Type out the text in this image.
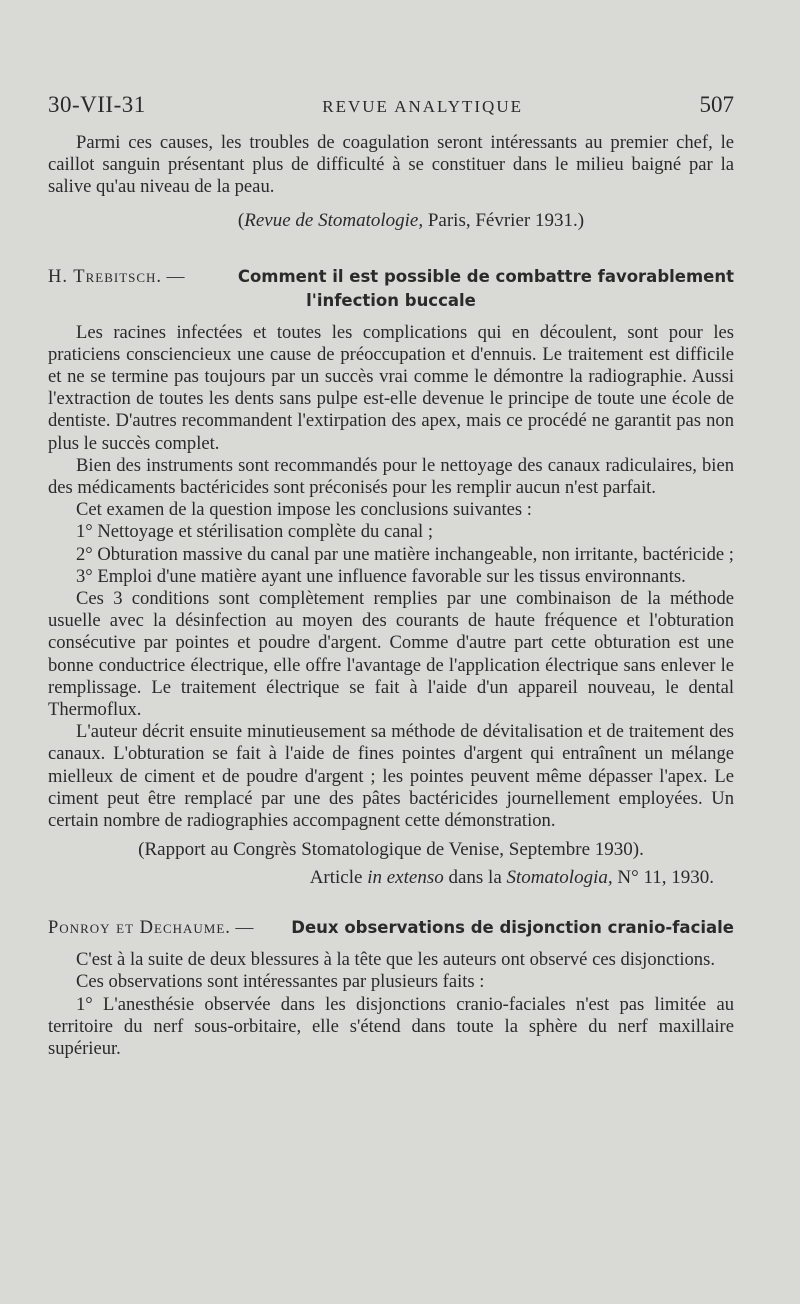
30-VII-31	REVUE ANALYTIQUE	507

Parmi ces causes, les troubles de coagulation seront intéressants au premier chef, le caillot sanguin présentant plus de difficulté à se constituer dans le milieu baigné par la salive qu'au niveau de la peau.

(Revue de Stomatologie, Paris, Février 1931.)
H. Trebitsch. —	Comment il est possible de combattre favorablement
l'infection buccale

Les racines infectées et toutes les complications qui en découlent, sont pour les praticiens consciencieux une cause de préoccupation et d'ennuis. Le traitement est difficile et ne se termine pas toujours par un succès vrai comme le démontre la radiographie. Aussi l'extraction de toutes les dents sans pulpe est-elle devenue le principe de toute une école de dentiste. D'autres recommandent l'extirpation des apex, mais ce procédé ne garantit pas non plus le succès complet.

Bien des instruments sont recommandés pour le nettoyage des canaux radiculaires, bien des médicaments bactéricides sont préconisés pour les remplir aucun n'est parfait.

Cet examen de la question impose les conclusions suivantes :

1° Nettoyage et stérilisation complète du canal ;

2° Obturation massive du canal par une matière inchangeable, non irritante, bactéricide ;

3° Emploi d'une matière ayant une influence favorable sur les tissus environnants.

Ces 3 conditions sont complètement remplies par une combinaison de la méthode usuelle avec la désinfection au moyen des courants de haute fréquence et l'obturation consécutive par pointes et poudre d'argent. Comme d'autre part cette obturation est une bonne conductrice électrique, elle offre l'avantage de l'application électrique sans enlever le remplissage. Le traitement électrique se fait à l'aide d'un appareil nouveau, le dental Thermoflux.

L'auteur décrit ensuite minutieusement sa méthode de dévitalisation et de traitement des canaux. L'obturation se fait à l'aide de fines pointes d'argent qui entraînent un mélange mielleux de ciment et de poudre d'argent ; les pointes peuvent même dépasser l'apex. Le ciment peut être remplacé par une des pâtes bactéricides journellement employées. Un certain nombre de radiographies accompagnent cette démonstration.

(Rapport au Congrès Stomatologique de Venise, Septembre 1930).
Article in extenso dans la Stomatologia, N° 11, 1930.
Ponroy et Dechaume. — Deux observations de disjonction cranio-faciale

C'est à la suite de deux blessures à la tête que les auteurs ont observé ces disjonctions.

Ces observations sont intéressantes par plusieurs faits :

1° L'anesthésie observée dans les disjonctions cranio-faciales n'est pas limitée au territoire du nerf sous-orbitaire, elle s'étend dans toute la sphère du nerf maxillaire supérieur.
